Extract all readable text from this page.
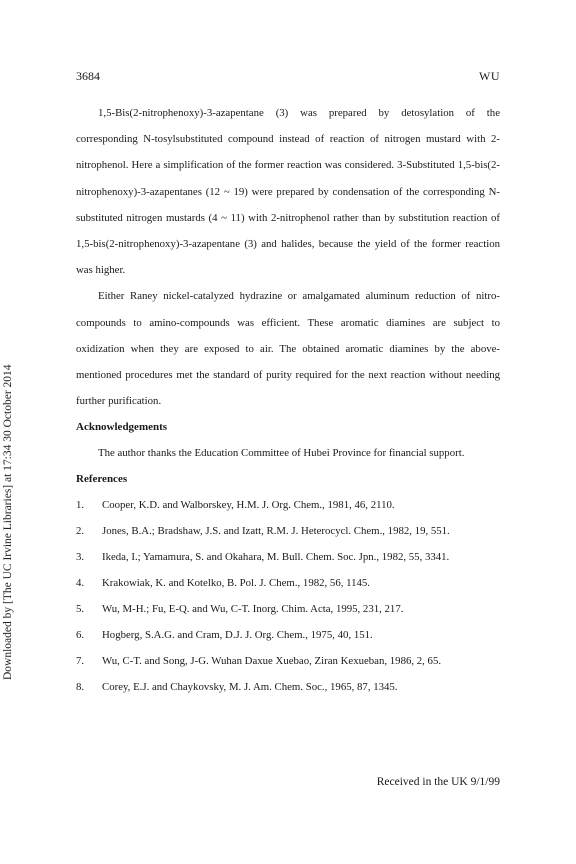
3684	WU
Downloaded by [The UC Irvine Libraries] at 17:34 30 October 2014

1,5-Bis(2-nitrophenoxy)-3-azapentane (3) was prepared by detosylation of the corresponding N-tosylsubstituted compound instead of reaction of nitrogen mustard with 2-nitrophenol. Here a simplification of the former reaction was considered. 3-Substituted 1,5-bis(2-nitrophenoxy)-3-azapentanes (12 ~ 19) were prepared by condensation of the corresponding N-substituted nitrogen mustards (4 ~ 11) with 2-nitrophenol rather than by substitution reaction of 1,5-bis(2-nitrophenoxy)-3-azapentane (3) and halides, because the yield of the former reaction was higher.

Either Raney nickel-catalyzed hydrazine or amalgamated aluminum reduction of nitro-compounds to amino-compounds was efficient. These aromatic diamines are subject to oxidization when they are exposed to air. The obtained aromatic diamines by the above-mentioned procedures met the standard of purity required for the next reaction without needing further purification.

Acknowledgements

The author thanks the Education Committee of Hubei Province for financial support.

References
1. Cooper, K.D. and Walborskey, H.M. J. Org. Chem., 1981, 46, 2110.
2. Jones, B.A.; Bradshaw, J.S. and Izatt, R.M. J. Heterocycl. Chem., 1982, 19, 551.
3. Ikeda, I.; Yamamura, S. and Okahara, M. Bull. Chem. Soc. Jpn., 1982, 55, 3341.
4. Krakowiak, K. and Kotelko, B. Pol. J. Chem., 1982, 56, 1145.
5. Wu, M-H.; Fu, E-Q. and Wu, C-T. Inorg. Chim. Acta, 1995, 231, 217.
6. Hogberg, S.A.G. and Cram, D.J. J. Org. Chem., 1975, 40, 151.
7. Wu, C-T. and Song, J-G. Wuhan Daxue Xuebao, Ziran Kexueban, 1986, 2, 65.
8. Corey, E.J. and Chaykovsky, M. J. Am. Chem. Soc., 1965, 87, 1345.
Received in the UK 9/1/99
